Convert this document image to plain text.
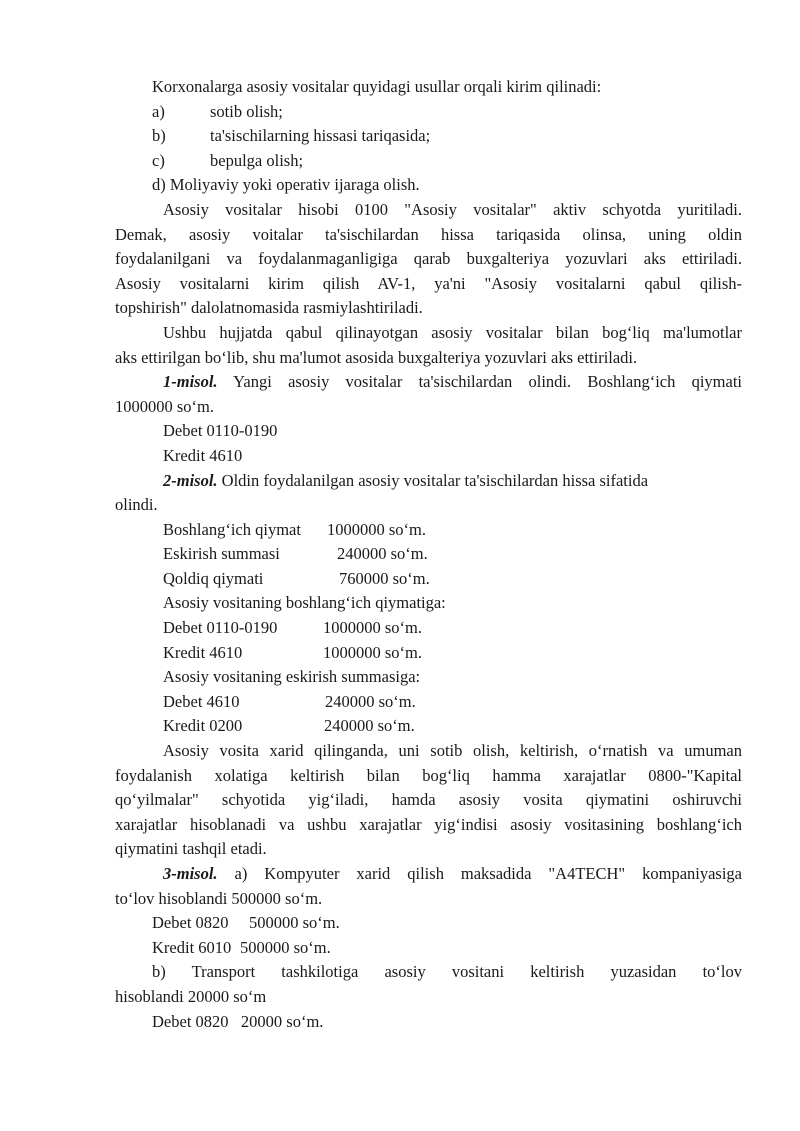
Korxonalarga asosiy vositalar quyidagi usullar orqali kirim qilinadi:

a)	sotib olish;
b)	ta'sischilarning hissasi tariqasida;
c)	bepulga olish;

d) Moliyaviy yoki operativ ijaraga olish.

Asosiy vositalar hisobi 0100 "Asosiy vositalar" aktiv schyotda yuritiladi.

Demak, asosiy voitalar ta'sischilardan hissa tariqasida olinsa, uning oldin

foydalanilgani va foydalanmaganligiga qarab buxgalteriya yozuvlari aks ettiriladi.

Asosiy vositalarni kirim qilish AV-1, ya'ni "Asosiy vositalarni qabul qilish-

topshirish" dalolatnomasida rasmiylashtiriladi.

Ushbu hujjatda qabul qilinayotgan asosiy vositalar bilan bog‘liq ma'lumotlar

aks ettirilgan bo‘lib, shu ma'lumot asosida buxgalteriya yozuvlari aks ettiriladi.

1-misol. Yangi asosiy vositalar ta'sischilardan olindi. Boshlang‘ich qiymati

1000000 so‘m.

Debet 0110-0190

Kredit 4610

2-misol. Oldin foydalanilgan asosiy vositalar ta'sischilardan hissa sifatida

olindi.

Boshlang‘ich qiymat	1000000 so‘m.
Eskirish summasi	240000 so‘m.
Qoldiq qiymati	760000 so‘m.

Asosiy vositaning boshlang‘ich qiymatiga:

Debet 0110-0190	1000000 so‘m.
Kredit 4610	1000000 so‘m.

Asosiy vositaning eskirish summasiga:

Debet 4610	240000 so‘m.
Kredit 0200	240000 so‘m.

Asosiy vosita xarid qilinganda, uni sotib olish, keltirish, o‘rnatish va umuman

foydalanish xolatiga keltirish bilan bog‘liq hamma xarajatlar 0800-"Kapital

qo‘yilmalar" schyotida yig‘iladi, hamda asosiy vosita qiymatini oshiruvchi

xarajatlar hisoblanadi va ushbu xarajatlar yig‘indisi asosiy vositasining boshlang‘ich

qiymatini tashqil etadi.

3-misol. a) Kompyuter xarid qilish maksadida "A4TECH" kompaniyasiga

to‘lov hisoblandi 500000 so‘m.

Debet 0820	500000 so‘m.
Kredit 6010 500000 so‘m.

b) Transport tashkilotiga asosiy vositani keltirish yuzasidan to‘lov

hisoblandi 20000 so‘m

Debet 0820   20000 so‘m.
